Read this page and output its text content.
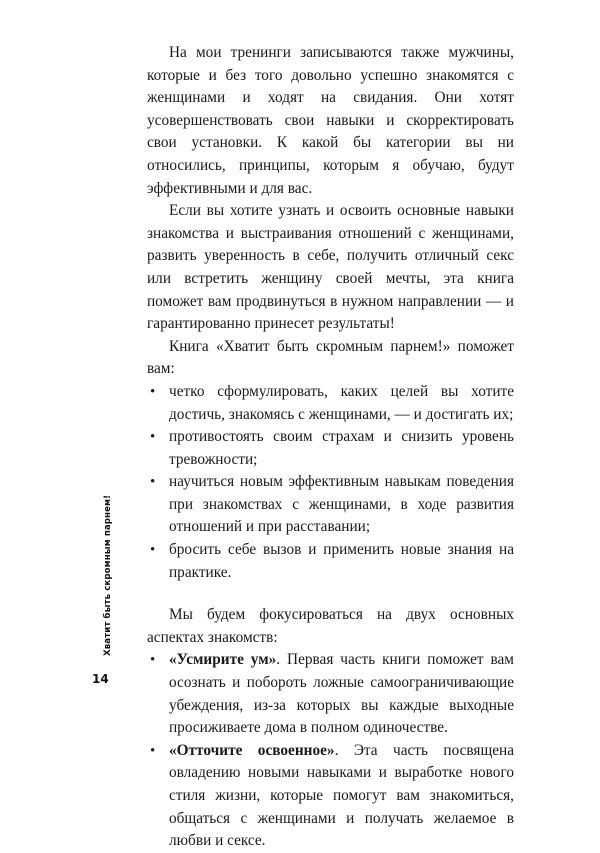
На мои тренинги записываются также мужчины, которые и без того довольно успешно знакомятся с женщинами и ходят на свидания. Они хотят усовершенствовать свои навыки и скорректировать свои установки. К какой бы категории вы ни относились, принципы, которым я обучаю, будут эффективными и для вас.

Если вы хотите узнать и освоить основные навыки знакомства и выстраивания отношений с женщинами, развить уверенность в себе, получить отличный секс или встретить женщину своей мечты, эта книга поможет вам продвинуться в нужном направлении — и гарантированно принесет результаты!

Книга «Хватит быть скромным парнем!» поможет вам:

• четко сформулировать, каких целей вы хотите достичь, знакомясь с женщинами, — и достигать их;
• противостоять своим страхам и снизить уровень тревожности;
• научиться новым эффективным навыкам поведения при знакомствах с женщинами, в ходе развития отношений и при расставании;
• бросить себе вызов и применить новые знания на практике.

Мы будем фокусироваться на двух основных аспектах знакомств:

• «Усмирите ум». Первая часть книги поможет вам осознать и побороть ложные самоограничивающие убеждения, из-за которых вы каждые выходные просиживаете дома в полном одиночестве.
• «Отточите освоенное». Эта часть посвящена овладению новыми навыками и выработке нового стиля жизни, которые помогут вам знакомиться, общаться с женщинами и получать желаемое в любви и сексе.
Хватит быть скромным парнем!
14
